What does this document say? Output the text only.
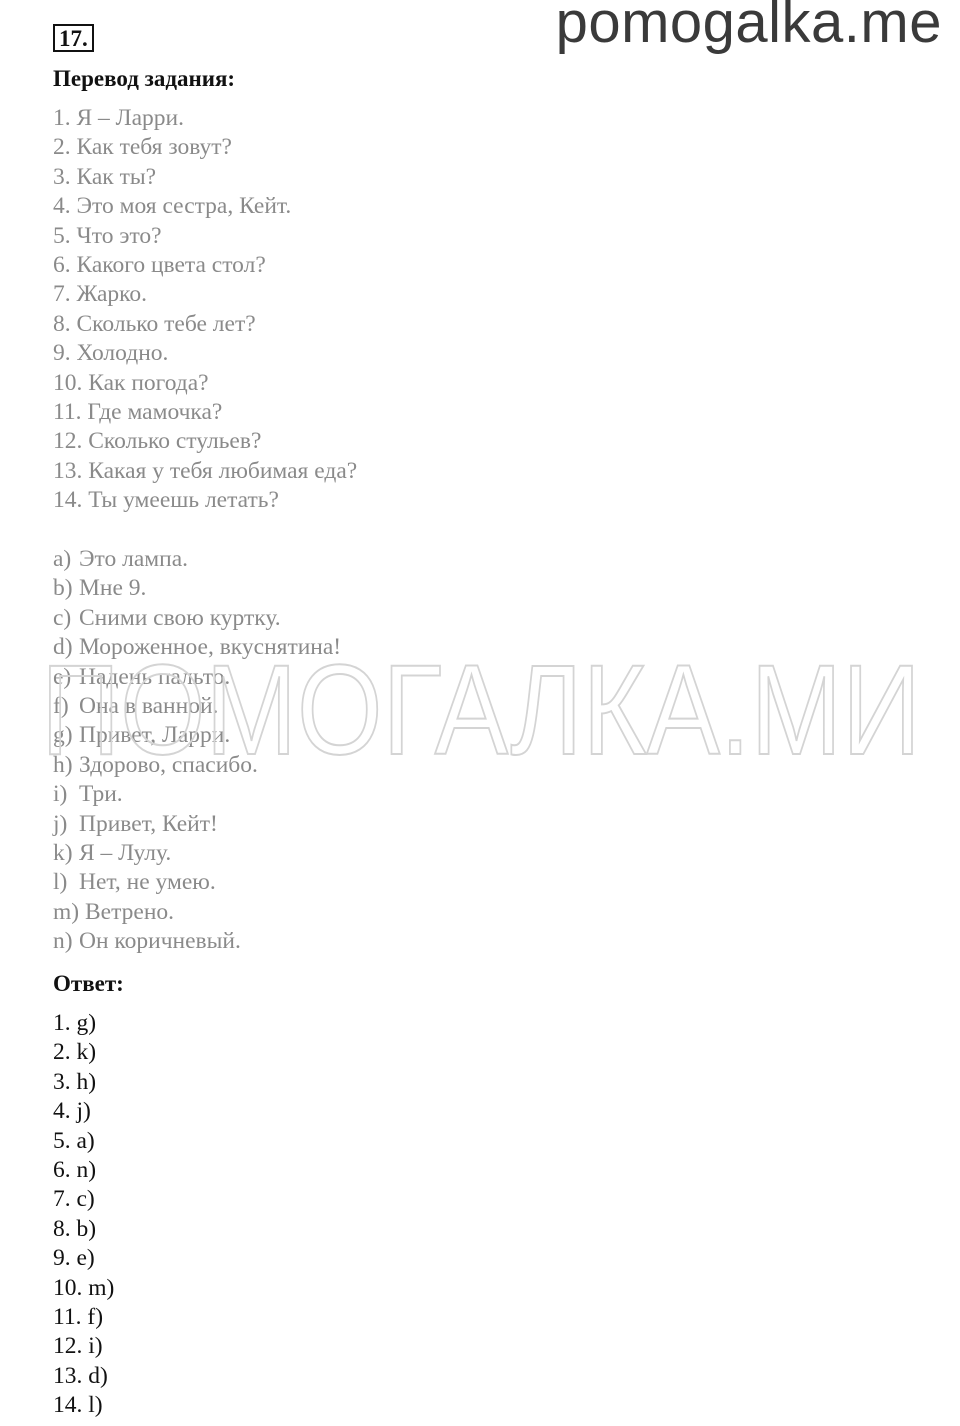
pomogalka.me
17.
Перевод задания:
1. Я – Ларри.
2. Как тебя зовут?
3. Как ты?
4. Это моя сестра, Кейт.
5. Что это?
6. Какого цвета стол?
7. Жарко.
8. Сколько тебе лет?
9. Холодно.
10. Как погода?
11. Где мамочка?
12. Сколько стульев?
13. Какая у тебя любимая еда?
14. Ты умеешь летать?
a) Это лампа.
b) Мне 9.
c) Сними свою куртку.
d) Мороженное, вкуснятина!
e) Надень пальто.
f) Она в ванной.
g) Привет, Ларри.
h) Здорово, спасибо.
i) Три.
j) Привет, Кейт!
k) Я – Лулу.
l) Нет, не умею.
m) Ветрено.
n) Он коричневый.
ПОМОГАЛКА.МИ
Ответ:
1. g)
2. k)
3. h)
4. j)
5. a)
6. n)
7. c)
8. b)
9. e)
10. m)
11. f)
12. i)
13. d)
14. l)
